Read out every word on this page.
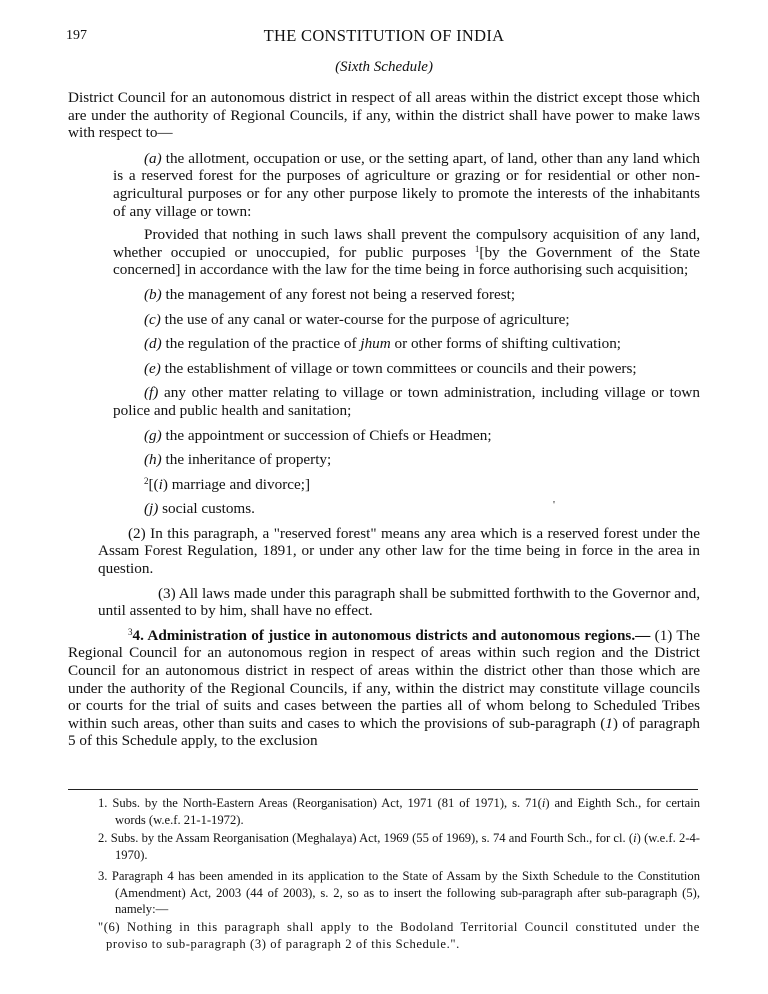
197	THE CONSTITUTION OF INDIA
(Sixth Schedule)

District Council for an autonomous district in respect of all areas within the district except those which are under the authority of Regional Councils, if any, within the district shall have power to make laws with respect to—

(a) the allotment, occupation or use, or the setting apart, of land, other than any land which is a reserved forest for the purposes of agriculture or grazing or for residential or other non-agricultural purposes or for any other purpose likely to promote the interests of the inhabitants of any village or town:

Provided that nothing in such laws shall prevent the compulsory acquisition of any land, whether occupied or unoccupied, for public purposes $^1$[by the Government of the State concerned] in accordance with the law for the time being in force authorising such acquisition;

(b) the management of any forest not being a reserved forest;

(c) the use of any canal or water-course for the purpose of agriculture;

(d) the regulation of the practice of jhum or other forms of shifting cultivation;

(e) the establishment of village or town committees or councils and their powers;

(f) any other matter relating to village or town administration, including village or town police and public health and sanitation;

(g) the appointment or succession of Chiefs or Headmen;

(h) the inheritance of property;

$^2$[(i) marriage and divorce;]

(j) social customs.

(2) In this paragraph, a "reserved forest" means any area which is a reserved forest under the Assam Forest Regulation, 1891, or under any other law for the time being in force in the area in question.

(3) All laws made under this paragraph shall be submitted forthwith to the Governor and, until assented to by him, shall have no effect.

$^3$4. Administration of justice in autonomous districts and autonomous regions.— (1) The Regional Council for an autonomous region in respect of areas within such region and the District Council for an autonomous district in respect of areas within the district other than those which are under the authority of the Regional Councils, if any, within the district may constitute village councils or courts for the trial of suits and cases between the parties all of whom belong to Scheduled Tribes within such areas, other than suits and cases to which the provisions of sub-paragraph (1) of paragraph 5 of this Schedule apply, to the exclusion

'
1. Subs. by the North-Eastern Areas (Reorganisation) Act, 1971 (81 of 1971), s. 71(i) and Eighth Sch., for certain words (w.e.f. 21-1-1972).
2. Subs. by the Assam Reorganisation (Meghalaya) Act, 1969 (55 of 1969), s. 74 and Fourth Sch., for cl. (i) (w.e.f. 2-4-1970).
3. Paragraph 4 has been amended in its application to the State of Assam by the Sixth Schedule to the Constitution (Amendment) Act, 2003 (44 of 2003), s. 2, so as to insert the following sub-paragraph after sub-paragraph (5), namely:—
"(6) Nothing in this paragraph shall apply to the Bodoland Territorial Council constituted under the proviso to sub-paragraph (3) of paragraph 2 of this Schedule.".
